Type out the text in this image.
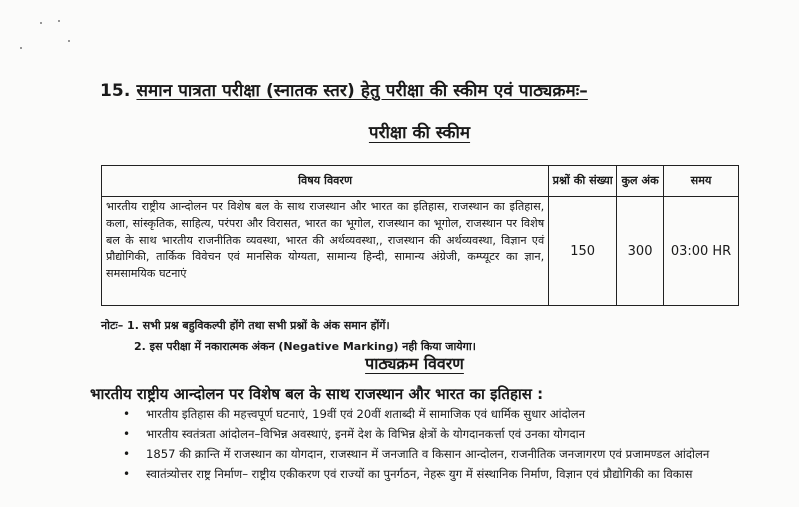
15. समान पात्रता परीक्षा (स्नातक स्तर) हेतु परीक्षा की स्कीम एवं पाठ्यक्रमः–
परीक्षा की स्कीम
विषय विवरण	प्रश्नों की संख्या	कुल अंक	समय
भारतीय राष्ट्रीय आन्दोलन पर विशेष बल के साथ राजस्थान और भारत का इतिहास, राजस्थान का इतिहास, कला, सांस्कृतिक, साहित्य, परंपरा और विरासत, भारत का भूगोल, राजस्थान का भूगोल, राजस्थान पर विशेष बल के साथ भारतीय राजनीतिक व्यवस्था, भारत की अर्थव्यवस्था,, राजस्थान की अर्थव्यवस्था, विज्ञान एवं प्रौद्योगिकी, तार्किक विवेचन एवं मानसिक योग्यता, सामान्य हिन्दी, सामान्य अंग्रेजी, कम्प्यूटर का ज्ञान, समसामयिक घटनाएं	150	300	03:00 HR
नोटः– 1. सभी प्रश्न बहुविकल्पी होंगे तथा सभी प्रश्नों के अंक समान होंगें।
2. इस परीक्षा में नकारात्मक अंकन (Negative Marking) नही किया जायेगा।
पाठ्यक्रम विवरण
भारतीय राष्ट्रीय आन्दोलन पर विशेष बल के साथ राजस्थान और भारत का इतिहास :
• भारतीय इतिहास की महत्त्वपूर्ण घटनाएं, 19वीं एवं 20वीं शताब्दी में सामाजिक एवं धार्मिक सुधार आंदोलन
• भारतीय स्वतंत्रता आंदोलन–विभिन्न अवस्थाएं, इनमें देश के विभिन्न क्षेत्रों के योगदानकर्त्ता एवं उनका योगदान
• 1857 की क्रान्ति में राजस्थान का योगदान, राजस्थान में जनजाति व किसान आन्दोलन, राजनीतिक जनजागरण एवं प्रजामण्डल आंदोलन
• स्वातंत्र्योत्तर राष्ट्र निर्माण– राष्ट्रीय एकीकरण एवं राज्यों का पुनर्गठन, नेहरू युग में संस्थानिक निर्माण, विज्ञान एवं प्रौद्योगिकी का विकास
